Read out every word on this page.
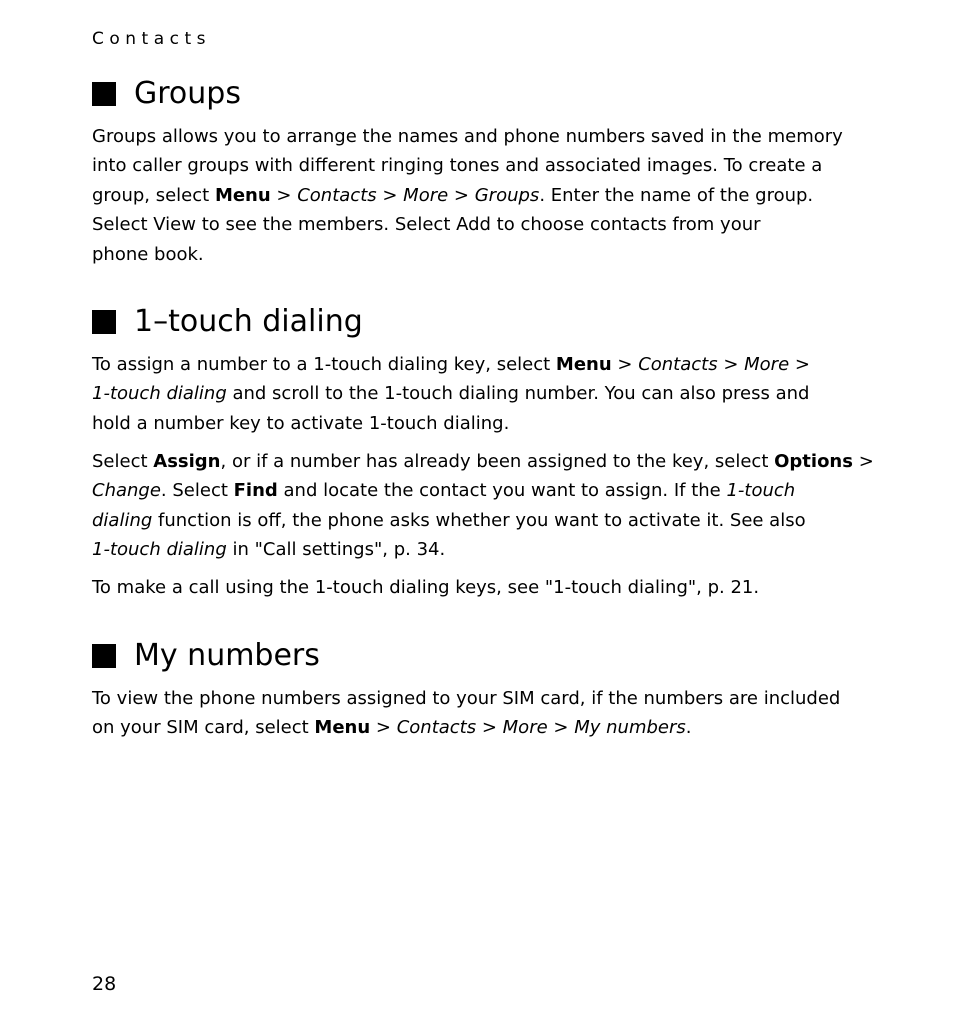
Contacts
Groups

Groups allows you to arrange the names and phone numbers saved in the memory
into caller groups with different ringing tones and associated images. To create a
group, select Menu > Contacts > More > Groups. Enter the name of the group.
Select View to see the members. Select Add to choose contacts from your
phone book.

1–touch dialing

To assign a number to a 1-touch dialing key, select Menu > Contacts > More >
1-touch dialing and scroll to the 1-touch dialing number. You can also press and
hold a number key to activate 1-touch dialing.

Select Assign, or if a number has already been assigned to the key, select Options >
Change. Select Find and locate the contact you want to assign. If the 1-touch
dialing function is off, the phone asks whether you want to activate it. See also
1-touch dialing in "Call settings", p. 34.

To make a call using the 1-touch dialing keys, see "1-touch dialing", p. 21.

My numbers

To view the phone numbers assigned to your SIM card, if the numbers are included
on your SIM card, select Menu > Contacts > More > My numbers.

28
